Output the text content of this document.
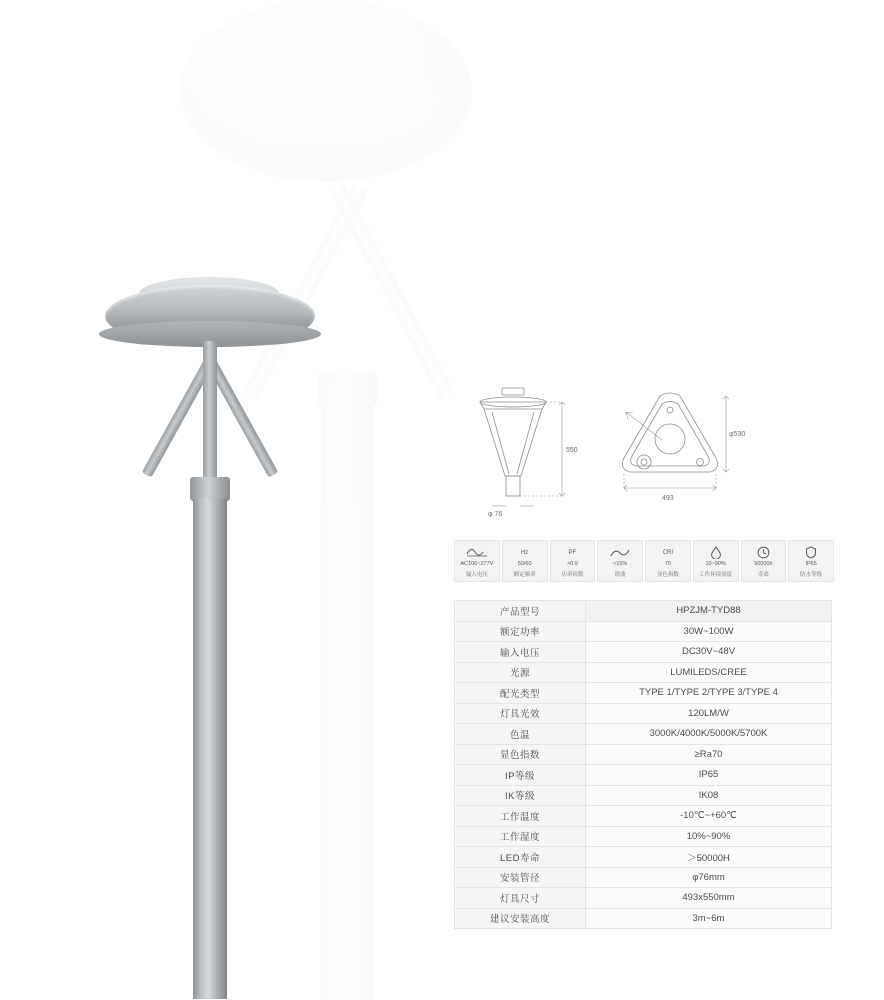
550
φ 76
φ530
493
AC100~277V
输入电压
Hz
50/60
额定频率
PF
>0.9
功率因数
<15%
谐波
CRI
70
显色指数
10~90%
工作环境湿度
50000h
寿命
IP65
防水等级
产品型号	HPZJM-TYD88
额定功率	30W~100W
输入电压	DC30V~48V
光源	LUMILEDS/CREE
配光类型	TYPE 1/TYPE 2/TYPE 3/TYPE 4
灯具光效	120LM/W
色温	3000K/4000K/5000K/5700K
显色指数	≥Ra70
IP等级	IP65
IK等级	IK08
工作温度	-10℃~+60℃
工作湿度	10%~90%
LED寿命	＞50000H
安装管径	φ76mm
灯具尺寸	493x550mm
建议安装高度	3m~6m
